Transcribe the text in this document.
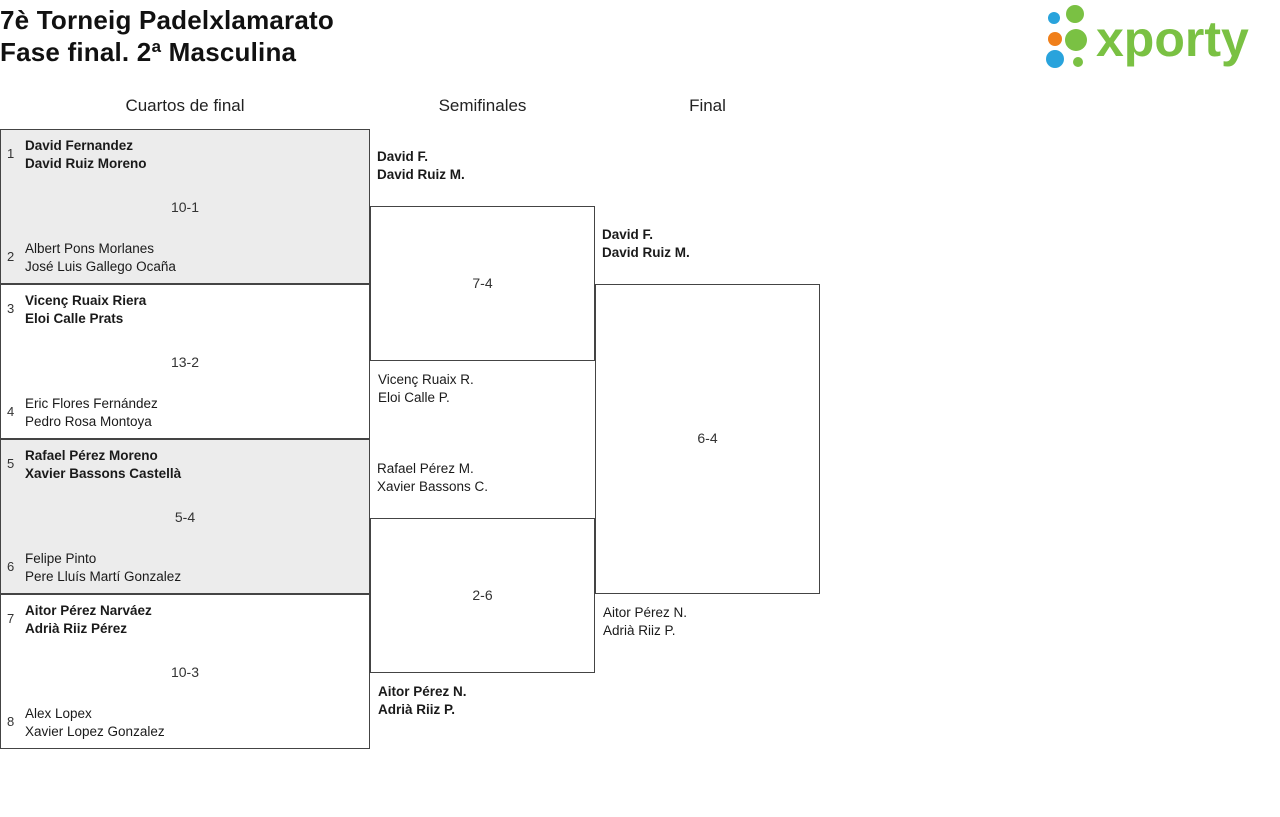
7è Torneig Padelxlamarato
Fase final. 2ª Masculina	xporty
Cuartos de final	Semifinales	Final
1
David Fernandez
David Ruiz Moreno
10-1
2
Albert Pons Morlanes
José Luis Gallego Ocaña
3
Vicenç Ruaix Riera
Eloi Calle Prats
13-2
4
Eric Flores Fernández
Pedro Rosa Montoya
5
Rafael Pérez Moreno
Xavier Bassons Castellà
5-4
6
Felipe Pinto
Pere Lluís Martí Gonzalez
7
Aitor Pérez Narváez
Adrià Riiz Pérez
10-3
8
Alex Lopex
Xavier Lopez Gonzalez
David F.
David Ruiz M.
7-4
Vicenç Ruaix R.
Eloi Calle P.
Rafael Pérez M.
Xavier Bassons C.
2-6
Aitor Pérez N.
Adrià Riiz P.
David F.
David Ruiz M.
6-4
Aitor Pérez N.
Adrià Riiz P.
